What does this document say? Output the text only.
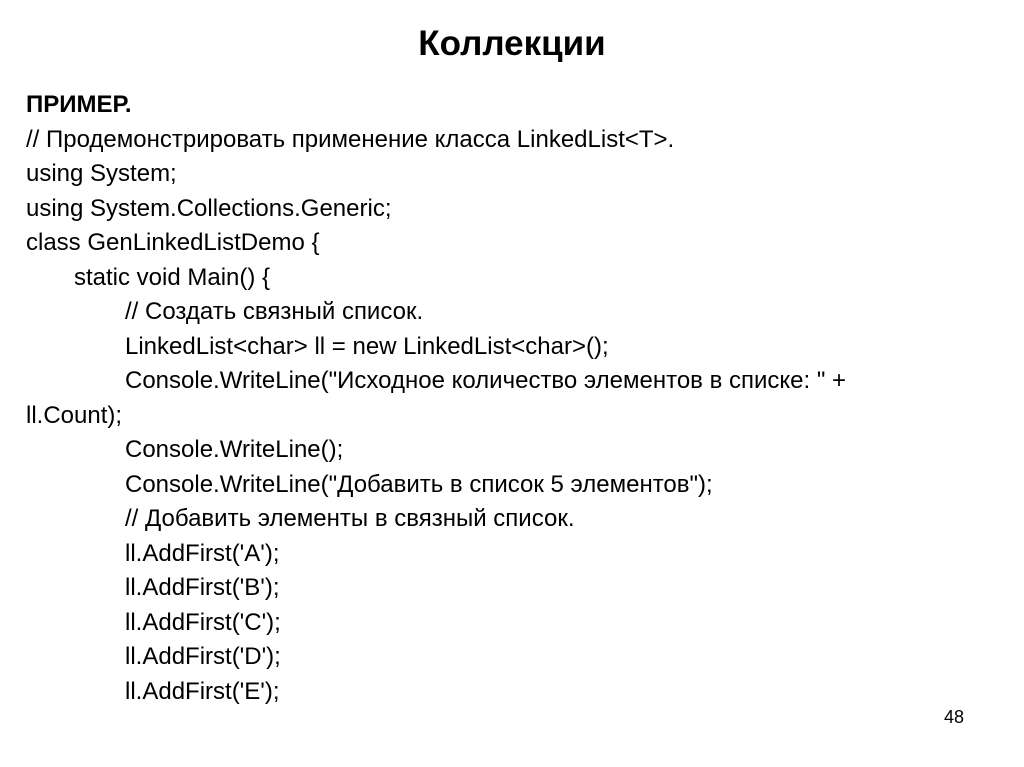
Коллекции
ПРИМЕР.
// Продемонстрировать применение класса LinkedList<T>.
using System;
using System.Collections.Generic;
class GenLinkedListDemo {
static void Main() {
// Создать связный список.
LinkedList<char> ll = new LinkedList<char>();
Console.WriteLine("Исходное количество элементов в списке: " +
ll.Count);
Console.WriteLine();
Console.WriteLine("Добавить в список 5 элементов");
// Добавить элементы в связный список.
ll.AddFirst('A');
ll.AddFirst('B');
ll.AddFirst('C');
ll.AddFirst('D');
ll.AddFirst('E');
48
